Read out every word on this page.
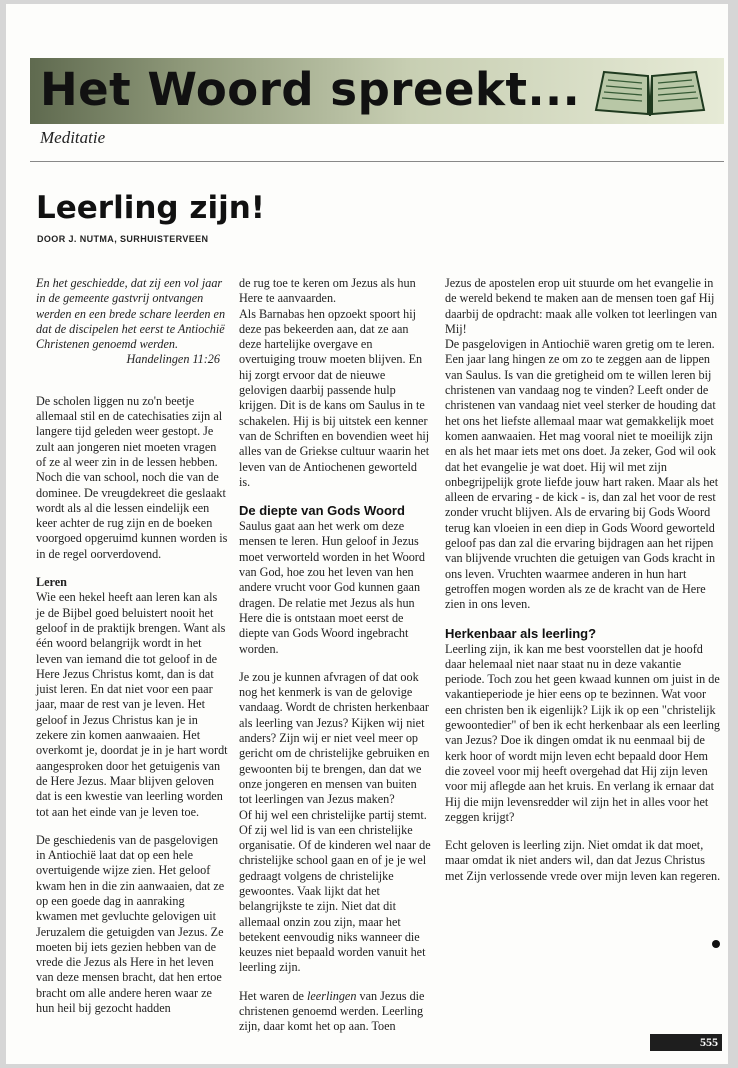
Het Woord spreekt...
Meditatie
Leerling zijn!
DOOR J. NUTMA, SURHUISTERVEEN

En het geschiedde, dat zij een vol jaar in de gemeente gastvrij ontvangen werden en een brede schare leerden en dat de discipelen het eerst te Antiochië Christenen genoemd werden.

Handelingen 11:26

De scholen liggen nu zo'n beetje allemaal stil en de catechisaties zijn al langere tijd geleden weer gestopt. Je zult aan jongeren niet moeten vragen of ze al weer zin in de lessen hebben. Noch die van school, noch die van de dominee. De vreugdekreet die geslaakt wordt als al die lessen eindelijk een keer achter de rug zijn en de boeken voorgoed opgeruimd kunnen worden is in de regel oorverdovend.

Leren

Wie een hekel heeft aan leren kan als je de Bijbel goed beluistert nooit het geloof in de praktijk brengen. Want als één woord belangrijk wordt in het leven van iemand die tot geloof in de Here Jezus Christus komt, dan is dat juist leren. En dat niet voor een paar jaar, maar de rest van je leven. Het geloof in Jezus Christus kan je in zekere zin komen aanwaaien. Het overkomt je, doordat je in je hart wordt aangesproken door het getuigenis van de Here Jezus. Maar blijven geloven dat is een kwestie van leerling worden tot aan het einde van je leven toe.

De geschiedenis van de pasgelovigen in Antiochië laat dat op een hele overtuigende wijze zien. Het geloof kwam hen in die zin aanwaaien, dat ze op een goede dag in aanraking kwamen met gevluchte gelovigen uit Jeruzalem die getuigden van Jezus. Ze moeten bij iets gezien hebben van de vrede die Jezus als Here in het leven van deze mensen bracht, dat hen ertoe bracht om alle andere heren waar ze hun heil bij gezocht hadden

de rug toe te keren om Jezus als hun Here te aanvaarden.
Als Barnabas hen opzoekt spoort hij deze pas bekeerden aan, dat ze aan deze hartelijke overgave en overtuiging trouw moeten blijven. En hij zorgt ervoor dat de nieuwe gelovigen daarbij passende hulp krijgen. Dit is de kans om Saulus in te schakelen. Hij is bij uitstek een kenner van de Schriften en bovendien weet hij alles van de Griekse cultuur waarin het leven van de Antiochenen geworteld is.

De diepte van Gods Woord

Saulus gaat aan het werk om deze mensen te leren. Hun geloof in Jezus moet verworteld worden in het Woord van God, hoe zou het leven van hen andere vrucht voor God kunnen gaan dragen. De relatie met Jezus als hun Here die is ontstaan moet eerst de diepte van Gods Woord ingebracht worden.

Je zou je kunnen afvragen of dat ook nog het kenmerk is van de gelovige vandaag. Wordt de christen herkenbaar als leerling van Jezus? Kijken wij niet anders? Zijn wij er niet veel meer op gericht om de christelijke gebruiken en gewoonten bij te brengen, dan dat we onze jongeren en mensen van buiten tot leerlingen van Jezus maken?
Of hij wel een christelijke partij stemt. Of zij wel lid is van een christelijke organisatie. Of de kinderen wel naar de christelijke school gaan en of je je wel gedraagt volgens de christelijke gewoontes. Vaak lijkt dat het belangrijkste te zijn. Niet dat dit allemaal onzin zou zijn, maar het betekent eenvoudig niks wanneer die keuzes niet bepaald worden vanuit het leerling zijn.

Het waren de leerlingen van Jezus die christenen genoemd werden. Leerling zijn, daar komt het op aan. Toen

Jezus de apostelen erop uit stuurde om het evangelie in de wereld bekend te maken aan de mensen toen gaf Hij daarbij de opdracht: maak alle volken tot leerlingen van Mij!
De pasgelovigen in Antiochië waren gretig om te leren. Een jaar lang hingen ze om zo te zeggen aan de lippen van Saulus. Is van die gretigheid om te willen leren bij christenen van vandaag nog te vinden? Leeft onder de christenen van vandaag niet veel sterker de houding dat het ons het liefste allemaal maar wat gemakkelijk moet komen aanwaaien. Het mag vooral niet te moeilijk zijn en als het maar iets met ons doet. Ja zeker, God wil ook dat het evangelie je wat doet. Hij wil met zijn onbegrijpelijk grote liefde jouw hart raken. Maar als het alleen de ervaring - de kick - is, dan zal het voor de rest zonder vrucht blijven. Als de ervaring bij Gods Woord terug kan vloeien in een diep in Gods Woord geworteld geloof pas dan zal die ervaring bijdragen aan het rijpen van blijvende vruchten die getuigen van Gods kracht in ons leven. Vruchten waarmee anderen in hun hart getroffen mogen worden als ze de kracht van de Here zien in ons leven.

Herkenbaar als leerling?

Leerling zijn, ik kan me best voorstellen dat je hoofd daar helemaal niet naar staat nu in deze vakantie periode. Toch zou het geen kwaad kunnen om juist in de vakantieperiode je hier eens op te bezinnen. Wat voor een christen ben ik eigenlijk? Lijk ik op een "christelijk gewoontedier" of ben ik echt herkenbaar als een leerling van Jezus? Doe ik dingen omdat ik nu eenmaal bij de kerk hoor of wordt mijn leven echt bepaald door Hem die zoveel voor mij heeft overgehad dat Hij zijn leven voor mij aflegde aan het kruis. En verlang ik ernaar dat Hij die mijn levensredder wil zijn het in alles voor het zeggen krijgt?

Echt geloven is leerling zijn. Niet omdat ik dat moet, maar omdat ik niet anders wil, dan dat Jezus Christus met Zijn verlossende vrede over mijn leven kan regeren.

555
